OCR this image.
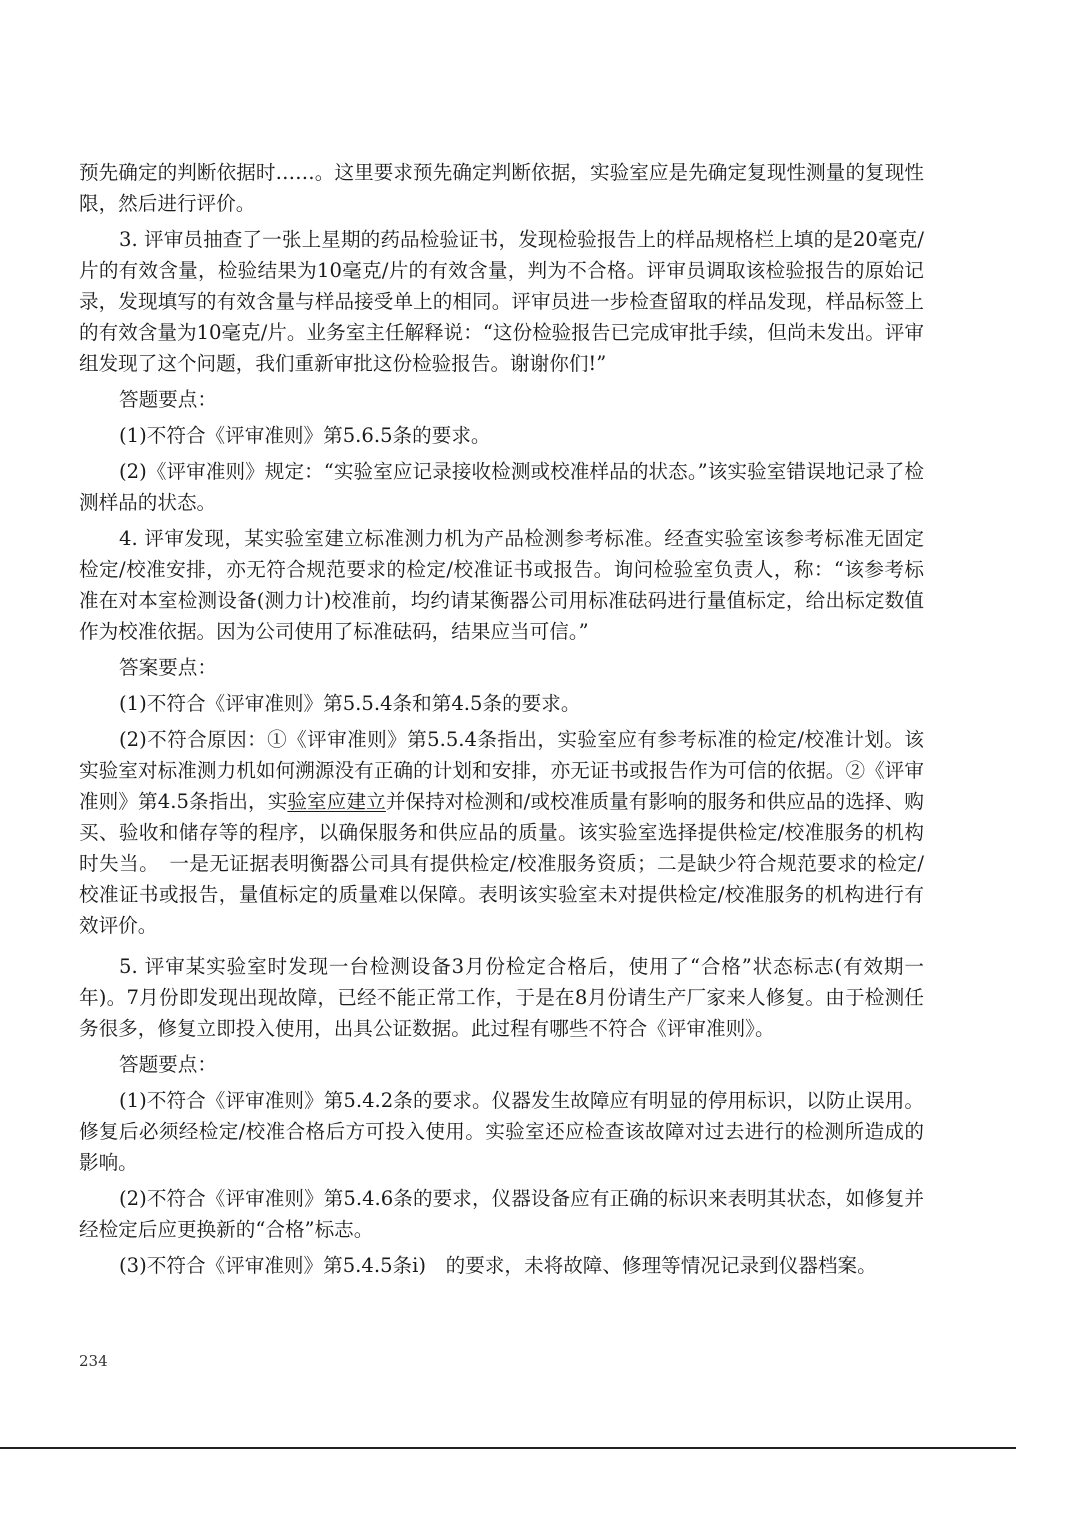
预先确定的判断依据时……。这里要求预先确定判断依据，实验室应是先确定复现性测量的复现性限，然后进行评价。

3. 评审员抽查了一张上星期的药品检验证书，发现检验报告上的样品规格栏上填的是20毫克/片的有效含量，检验结果为10毫克/片的有效含量，判为不合格。评审员调取该检验报告的原始记录，发现填写的有效含量与样品接受单上的相同。评审员进一步检查留取的样品发现，样品标签上的有效含量为10毫克/片。业务室主任解释说：“这份检验报告已完成审批手续，但尚未发出。评审组发现了这个问题，我们重新审批这份检验报告。谢谢你们!”

答题要点：

(1)不符合《评审准则》第5.6.5条的要求。

(2)《评审准则》规定：“实验室应记录接收检测或校准样品的状态。”该实验室错误地记录了检测样品的状态。

4. 评审发现，某实验室建立标准测力机为产品检测参考标准。经查实验室该参考标准无固定检定/校准安排，亦无符合规范要求的检定/校准证书或报告。询问检验室负责人，称：“该参考标准在对本室检测设备(测力计)校准前，均约请某衡器公司用标准砝码进行量值标定，给出标定数值作为校准依据。因为公司使用了标准砝码，结果应当可信。”

答案要点：

(1)不符合《评审准则》第5.5.4条和第4.5条的要求。

(2)不符合原因：①《评审准则》第5.5.4条指出，实验室应有参考标准的检定/校准计划。该实验室对标准测力机如何溯源没有正确的计划和安排，亦无证书或报告作为可信的依据。②《评审准则》第4.5条指出，实验室应建立并保持对检测和/或校准质量有影响的服务和供应品的选择、购买、验收和储存等的程序，以确保服务和供应品的质量。该实验室选择提供检定/校准服务的机构时失当。　一是无证据表明衡器公司具有提供检定/校准服务资质；二是缺少符合规范要求的检定/校准证书或报告，量值标定的质量难以保障。表明该实验室未对提供检定/校准服务的机构进行有效评价。

5. 评审某实验室时发现一台检测设备3月份检定合格后，使用了“合格”状态标志(有效期一年)。7月份即发现出现故障，已经不能正常工作，于是在8月份请生产厂家来人修复。由于检测任务很多，修复立即投入使用，出具公证数据。此过程有哪些不符合《评审准则》。

答题要点：

(1)不符合《评审准则》第5.4.2条的要求。仪器发生故障应有明显的停用标识，以防止误用。修复后必须经检定/校准合格后方可投入使用。实验室还应检查该故障对过去进行的检测所造成的影响。

(2)不符合《评审准则》第5.4.6条的要求，仪器设备应有正确的标识来表明其状态，如修复并经检定后应更换新的“合格”标志。

(3)不符合《评审准则》第5.4.5条i)　的要求，未将故障、修理等情况记录到仪器档案。

234
